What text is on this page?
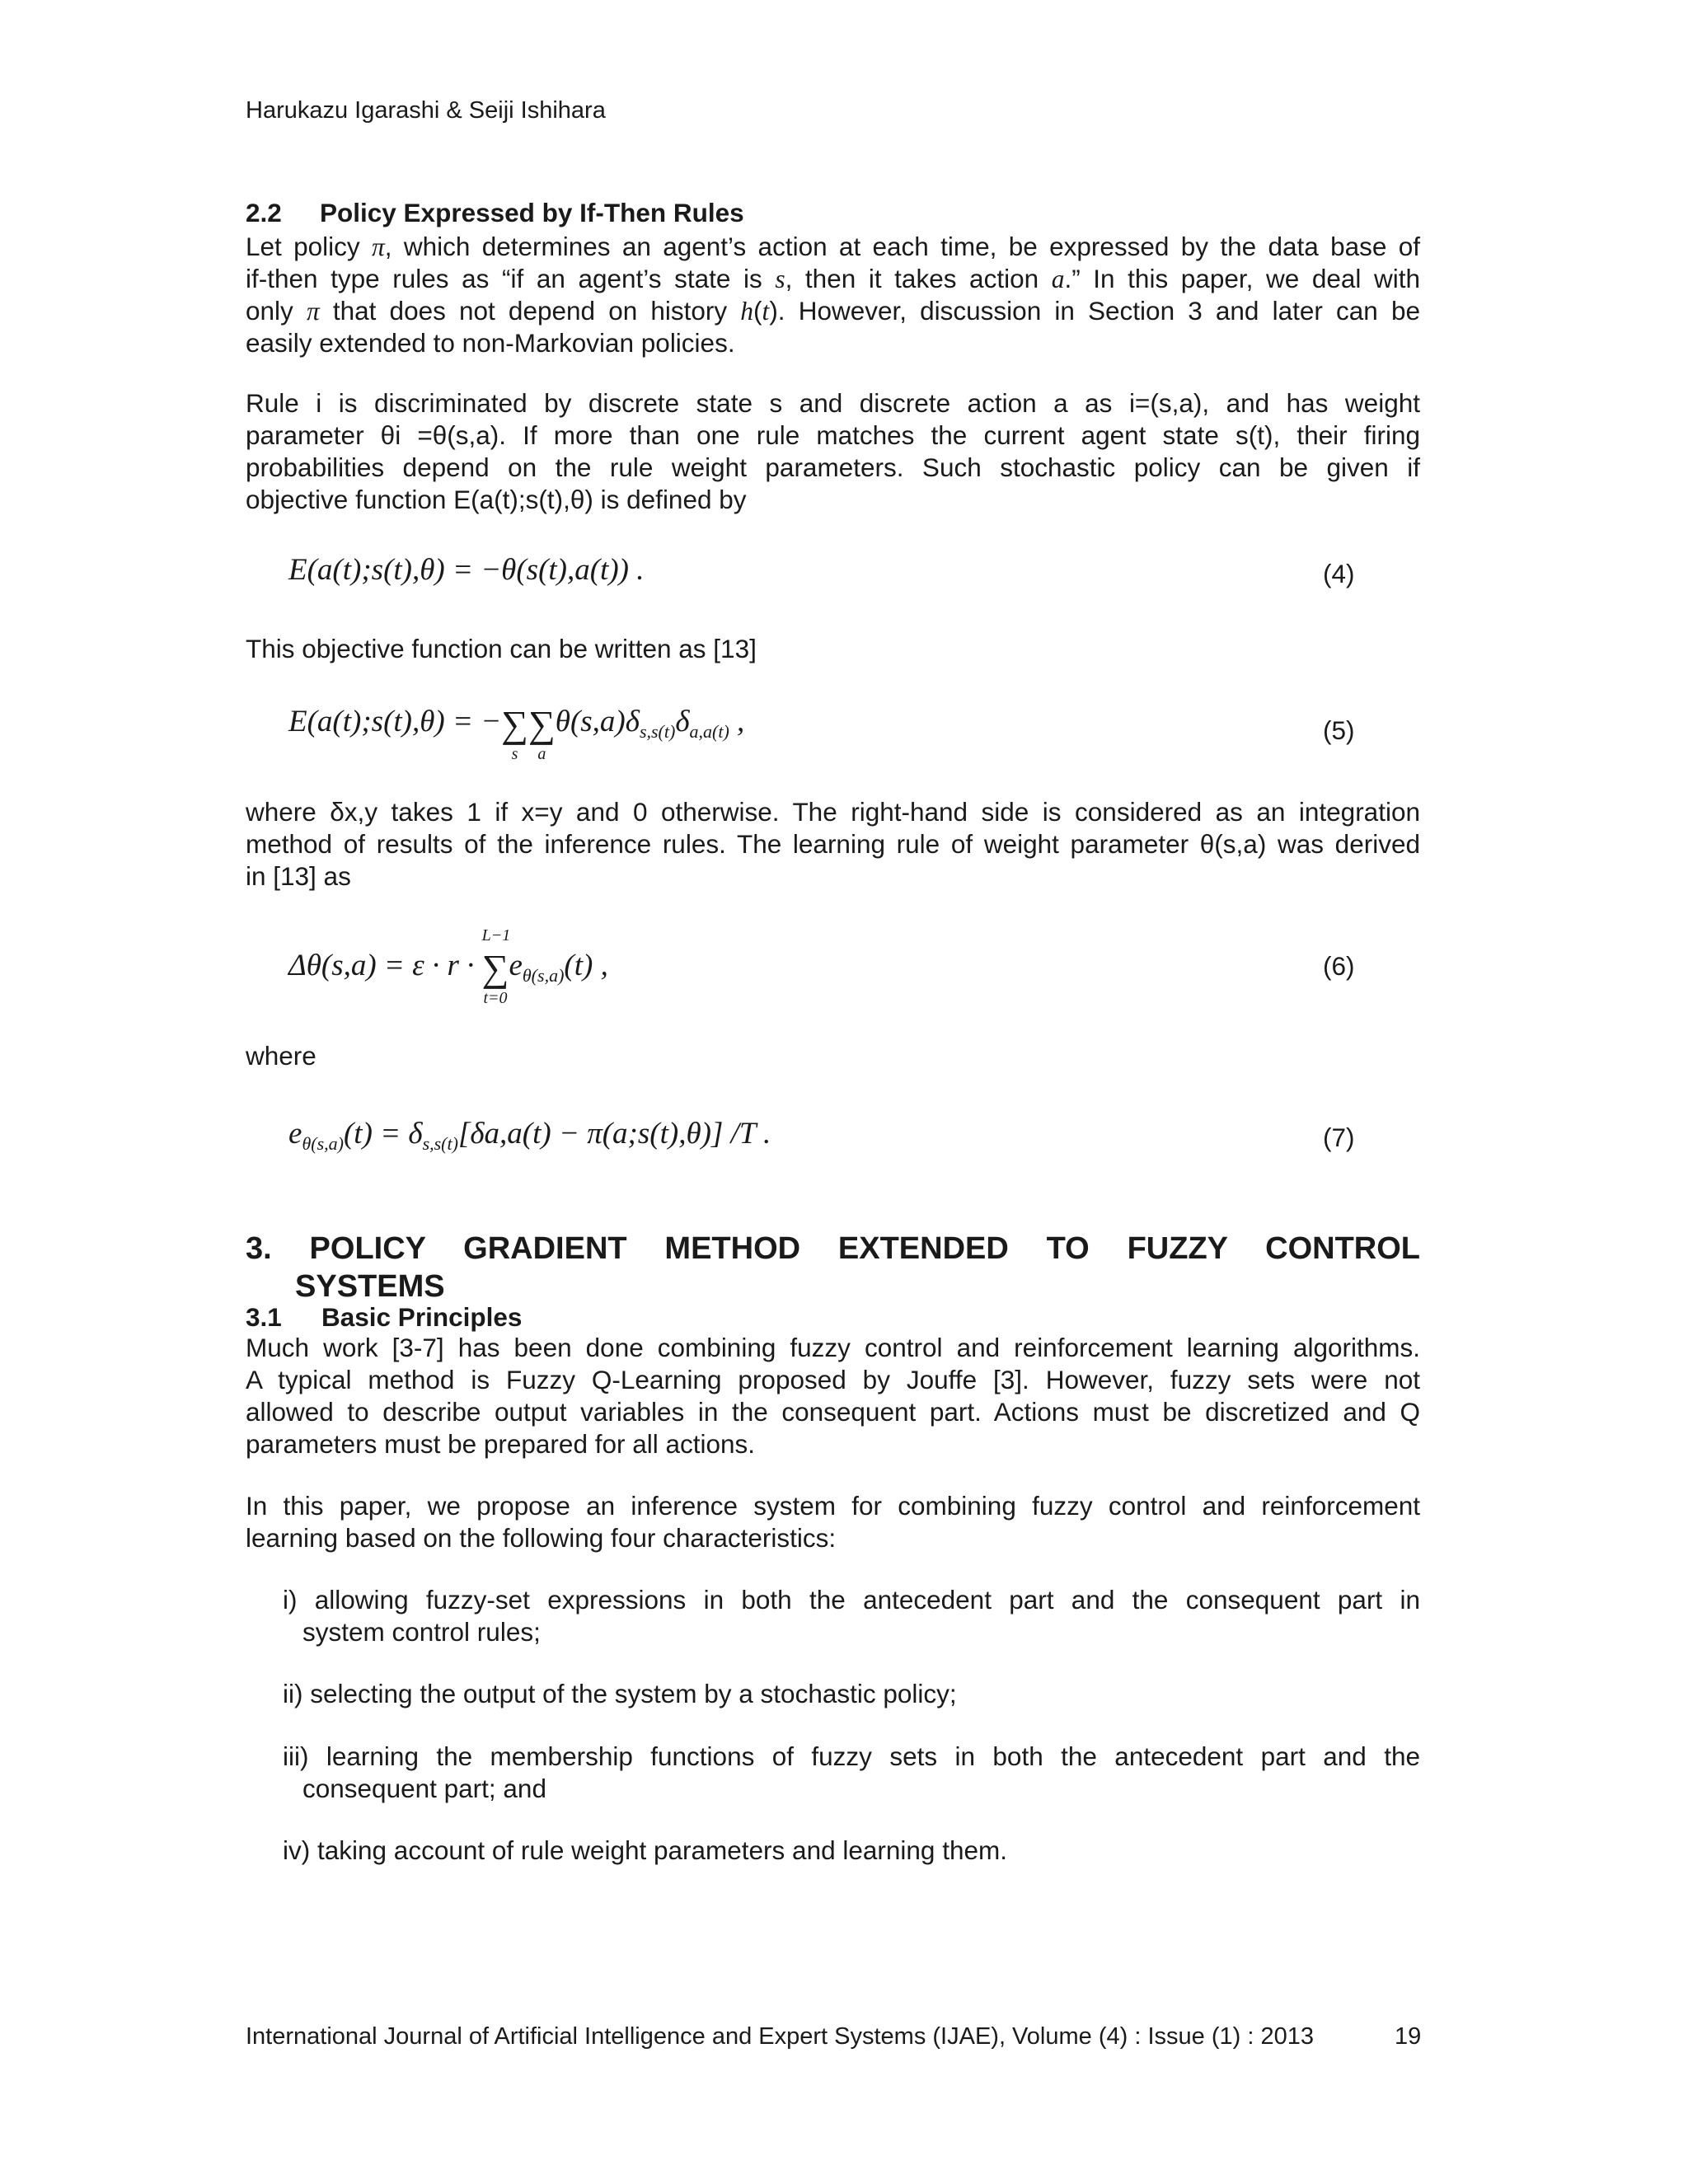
Harukazu Igarashi & Seiji Ishihara
2.2 Policy Expressed by If-Then Rules
Let policy π, which determines an agent’s action at each time, be expressed by the data base of
if-then type rules as “if an agent’s state is s, then it takes action a.” In this paper, we deal with
only π that does not depend on history h(t). However, discussion in Section 3 and later can be
easily extended to non-Markovian policies.
Rule i is discriminated by discrete state s and discrete action a as i=(s,a), and has weight
parameter θi =θ(s,a). If more than one rule matches the current agent state s(t), their firing
probabilities depend on the rule weight parameters. Such stochastic policy can be given if
objective function E(a(t);s(t),θ) is defined by
E(a(t);s(t),θ) = −θ(s(t),a(t)) .	(4)
This objective function can be written as [13]
E(a(t);s(t),θ) = −∑
s
∑
a
$\theta(s,a)\delta_{s,s(t)}\delta_{a,a(t)}$ ,	(5)
where δx,y takes 1 if x=y and 0 otherwise. The right-hand side is considered as an integration
method of results of the inference rules. The learning rule of weight parameter θ(s,a) was derived
in [13] as
Δθ(s,a) = ε · r ·
L−1
∑
t=0
$e_{\theta(s,a)}(t)$ ,	(6)
where
$e_{\theta(s,a)}(t) = \delta_{s,s(t)}[\delta a,a(t)$ − π(a;s(t),θ)] /T .	(7)
3. POLICY GRADIENT METHOD EXTENDED TO FUZZY CONTROL
SYSTEMS
3.1 Basic Principles
Much work [3-7] has been done combining fuzzy control and reinforcement learning algorithms.
A typical method is Fuzzy Q-Learning proposed by Jouffe [3]. However, fuzzy sets were not
allowed to describe output variables in the consequent part. Actions must be discretized and Q
parameters must be prepared for all actions.
In this paper, we propose an inference system for combining fuzzy control and reinforcement
learning based on the following four characteristics:
i) allowing fuzzy-set expressions in both the antecedent part and the consequent part in
system control rules;
ii) selecting the output of the system by a stochastic policy;
iii) learning the membership functions of fuzzy sets in both the antecedent part and the
consequent part; and
iv) taking account of rule weight parameters and learning them.
International Journal of Artificial Intelligence and Expert Systems (IJAE), Volume (4) : Issue (1) : 2013	19
